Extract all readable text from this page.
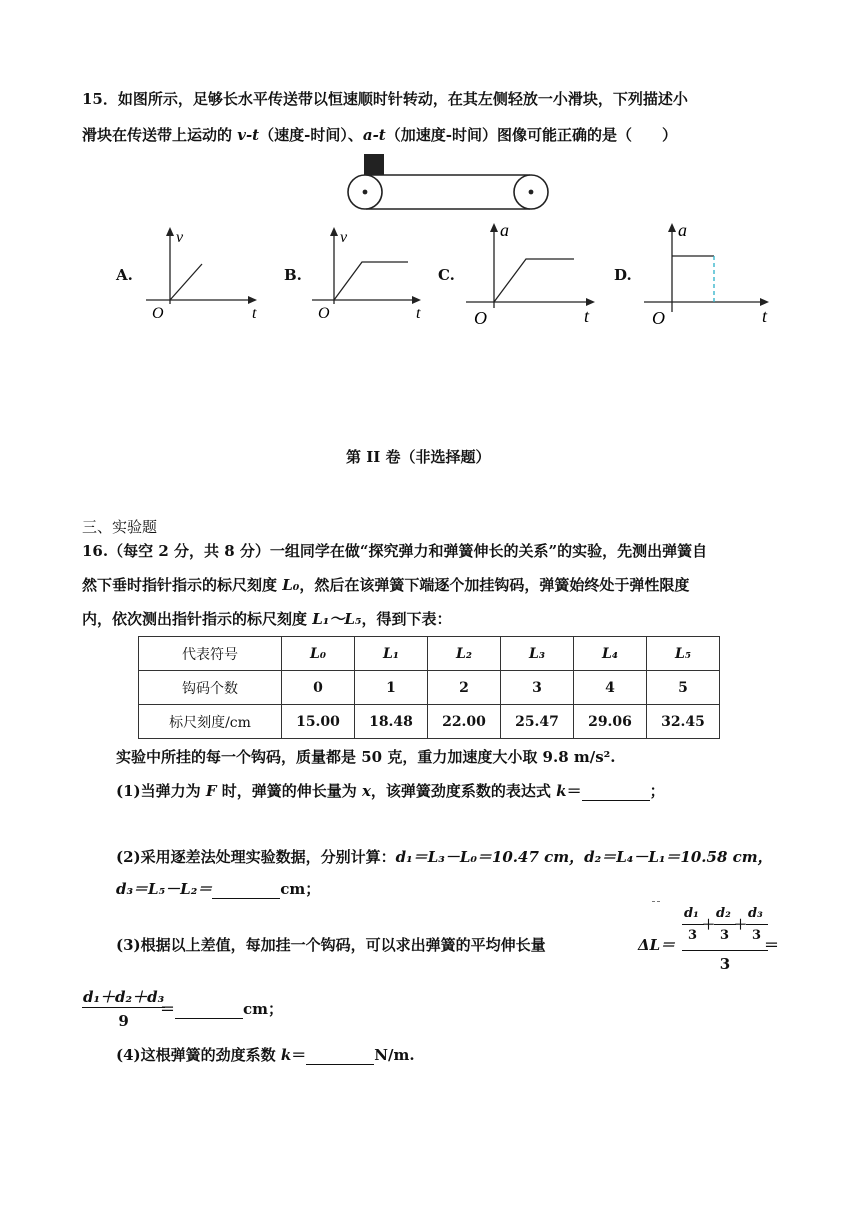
15．如图所示，足够长水平传送带以恒速顺时针转动，在其左侧轻放一小滑块，下列描述小
滑块在传送带上运动的 v-t（速度-时间）、a-t（加速度-时间）图像可能正确的是（　　）
A.
v
O	t
B.
v
O	t
C.
a
O	t
D.
a
O	t
第 II 卷（非选择题）
三、实验题
16.（每空 2 分，共 8 分）一组同学在做“探究弹力和弹簧伸长的关系”的实验，先测出弹簧自
然下垂时指针指示的标尺刻度 L₀，然后在该弹簧下端逐个加挂钩码，弹簧始终处于弹性限度
内，依次测出指针指示的标尺刻度 L₁～L₅，得到下表：
代表符号	L₀	L₁	L₂	L₃	L₄	L₅
钩码个数	0	1	2	3	4	5
标尺刻度/cm	15.00	18.48	22.00	25.47	29.06	32.45
实验中所挂的每一个钩码，质量都是 50 克，重力加速度大小取 9.8 m/s².
(1)当弹力为 F 时，弹簧的伸长量为 x，该弹簧劲度系数的表达式 k＝	；
(2)采用逐差法处理实验数据，分别计算：d₁＝L₃－L₀＝10.47 cm，d₂＝L₄－L₁＝10.58 cm，
d₃＝L₅－L₂＝	cm；
(3)根据以上差值，每加挂一个钩码，可以求出弹簧的平均伸长量	ΔL＝
d₁
3
＋
d₂
3
＋
d₃
3
3
＝
$\frac{\text{d₁＋d₂＋d₃}}{9}$
＝	cm；
(4)这根弹簧的劲度系数 k＝	N/m.
